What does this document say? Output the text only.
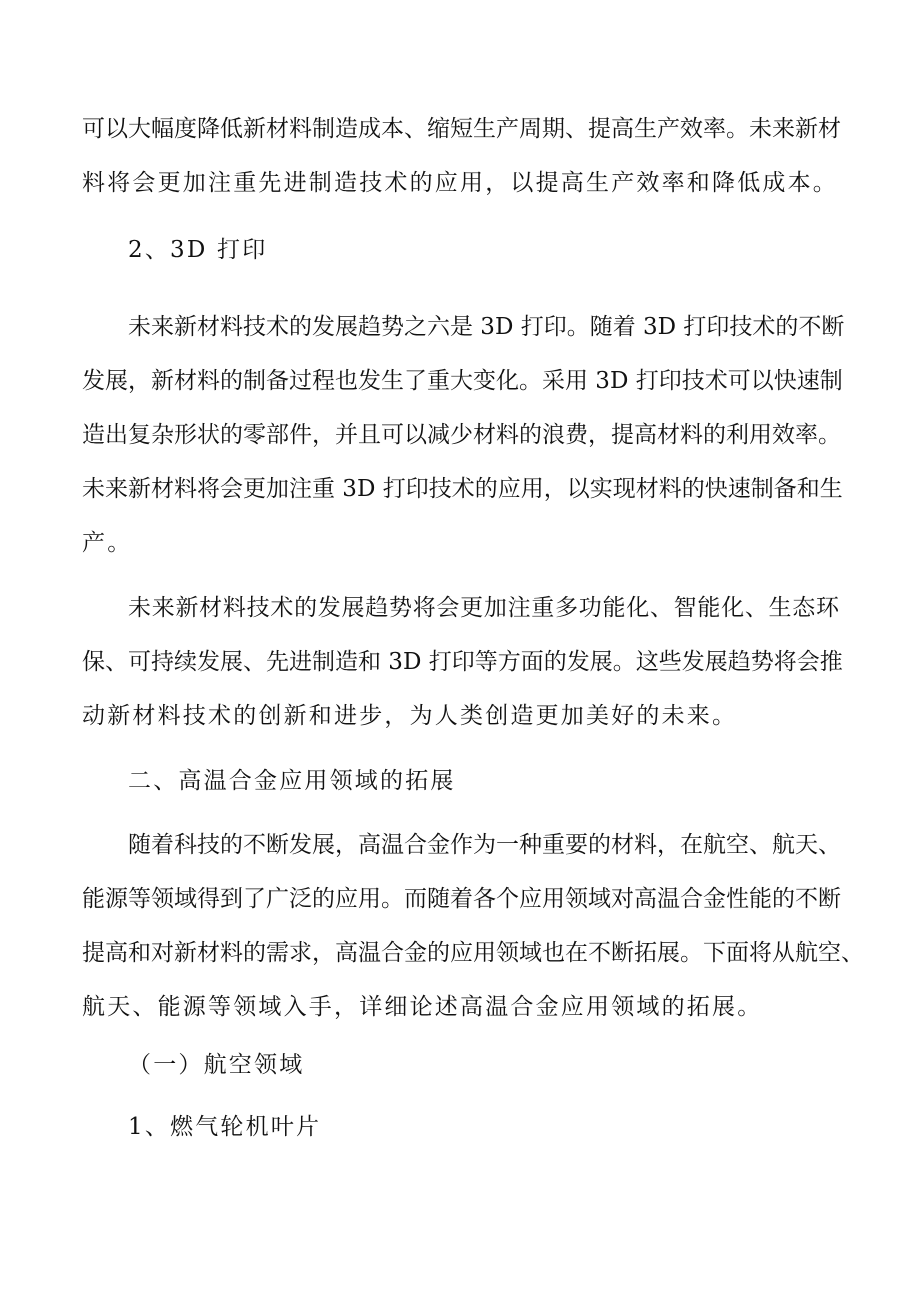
可以大幅度降低新材料制造成本、缩短生产周期、提高生产效率。未来新材
料将会更加注重先进制造技术的应用，以提高生产效率和降低成本。
2、3D 打印
未来新材料技术的发展趋势之六是 3D 打印。随着 3D 打印技术的不断
发展，新材料的制备过程也发生了重大变化。采用 3D 打印技术可以快速制
造出复杂形状的零部件，并且可以减少材料的浪费，提高材料的利用效率。
未来新材料将会更加注重 3D 打印技术的应用，以实现材料的快速制备和生
产。
未来新材料技术的发展趋势将会更加注重多功能化、智能化、生态环
保、可持续发展、先进制造和 3D 打印等方面的发展。这些发展趋势将会推
动新材料技术的创新和进步，为人类创造更加美好的未来。
二、高温合金应用领域的拓展
随着科技的不断发展，高温合金作为一种重要的材料，在航空、航天、
能源等领域得到了广泛的应用。而随着各个应用领域对高温合金性能的不断
提高和对新材料的需求，高温合金的应用领域也在不断拓展。下面将从航空、
航天、能源等领域入手，详细论述高温合金应用领域的拓展。
（一）航空领域
1、燃气轮机叶片
